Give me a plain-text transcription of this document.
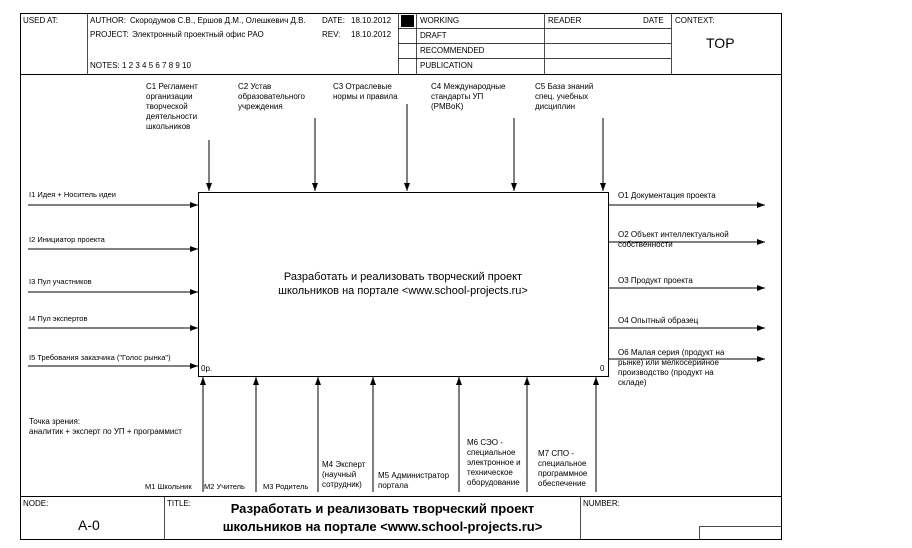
USED AT:	AUTHOR: Скородумов С.В., Ершов Д.М., Олешкевич Д.В. DATE: 18.10.2012
PROJECT: Электронный проектный офис РАО	REV: 18.10.2012
NOTES: 1 2 3 4 5 6 7 8 9 10
WORKING
DRAFT
RECOMMENDED
PUBLICATION
READER	DATE CONTEXT:
TOP
C1 Регламент организации творческой деятельности школьников
C2 Устав образовательного учреждения
C3 Отраслевые нормы и правила
C4 Международные стандарты УП (PMBoK)
C5 База знаний спец. учебных дисциплин
I1 Идея + Носитель идеи
I2 Инициатор проекта
I3 Пул участников
I4 Пул экспертов
I5 Требования заказчика ("Голос рынка")
O1 Документация проекта
O2 Объект интеллектуальной собственности
O3 Продукт проекта
O4 Опытный образец
O6 Малая серия (продукт на рынке) или мелкосерийное производство (продукт на складе)
Разработать и реализовать творческий проект школьников на портале <www.school-projects.ru>
0р.	0
Точка зрения:
аналитик + эксперт по УП + программист
M1 Школьник M2 Учитель M3 Родитель
M4 Эксперт (научный сотрудник)
M5 Администратор портала
M6 СЭО - специальное электронное и техническое оборудование
M7 СПО - специальное программное обеспечение
NODE:
A-0
TITLE:	Разработать и реализовать творческий проект школьников на портале <www.school-projects.ru>
NUMBER:
